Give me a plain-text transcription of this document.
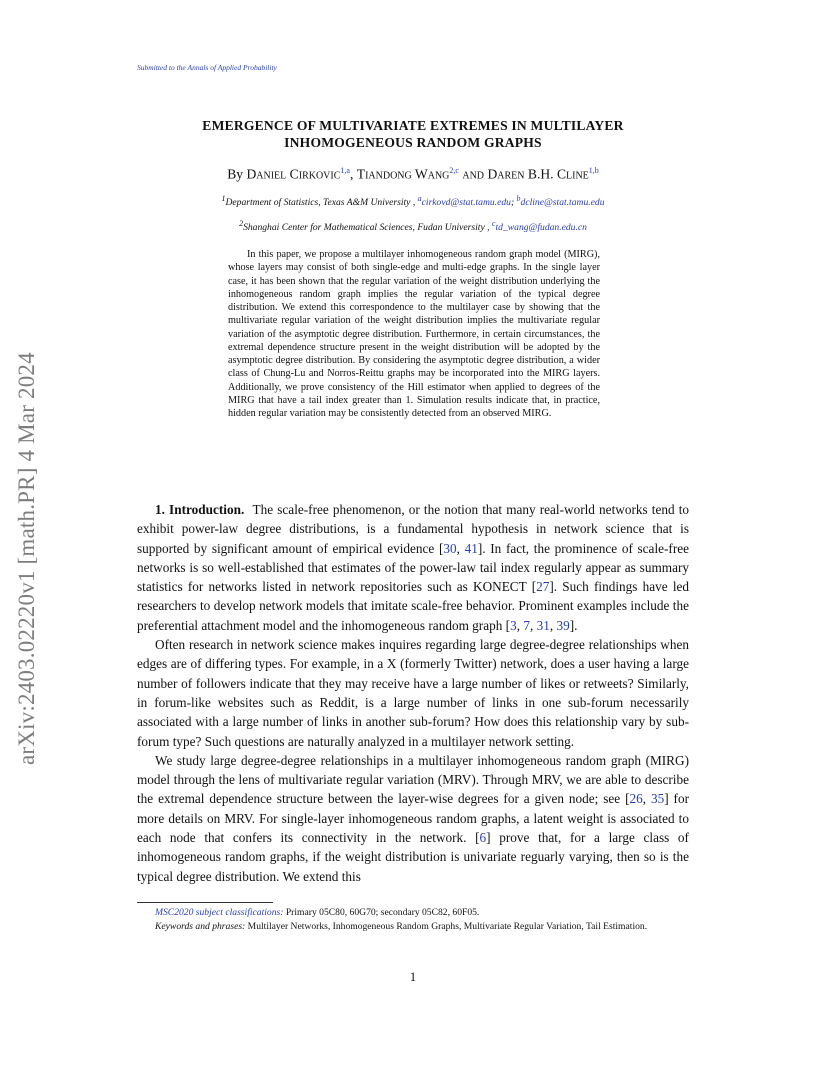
Submitted to the Annals of Applied Probability
arXiv:2403.02220v1 [math.PR] 4 Mar 2024
EMERGENCE OF MULTIVARIATE EXTREMES IN MULTILAYER
INHOMOGENEOUS RANDOM GRAPHS
By Daniel Cirkovic$^{1,a}$, Tiandong Wang$^{2,c}$ and Daren B.H. Cline$^{1,b}$
$^1$Department of Statistics, Texas A&M University , $^a$cirkovd@stat.tamu.edu; $^b$dcline@stat.tamu.edu
$^2$Shanghai Center for Mathematical Sciences, Fudan University , $^c$td_wang@fudan.edu.cn

In this paper, we propose a multilayer inhomogeneous random graph model (MIRG), whose layers may consist of both single-edge and multi-edge graphs. In the single layer case, it has been shown that the regular variation of the weight distribution underlying the inhomogeneous random graph implies the regular variation of the typical degree distribution. We extend this correspondence to the multilayer case by showing that the multivariate regular variation of the weight distribution implies the multivariate regular variation of the asymptotic degree distribution. Furthermore, in certain circumstances, the extremal dependence structure present in the weight distribution will be adopted by the asymptotic degree distribution. By considering the asymptotic degree distribution, a wider class of Chung-Lu and Norros-Reittu graphs may be incorporated into the MIRG layers. Additionally, we prove consistency of the Hill estimator when applied to degrees of the MIRG that have a tail index greater than 1. Simulation results indicate that, in practice, hidden regular variation may be consistently detected from an observed MIRG.

1. Introduction. The scale-free phenomenon, or the notion that many real-world networks tend to exhibit power-law degree distributions, is a fundamental hypothesis in network science that is supported by significant amount of empirical evidence [30, 41]. In fact, the prominence of scale-free networks is so well-established that estimates of the power-law tail index regularly appear as summary statistics for networks listed in network repositories such as KONECT [27]. Such findings have led researchers to develop network models that imitate scale-free behavior. Prominent examples include the preferential attachment model and the inhomogeneous random graph [3, 7, 31, 39].

Often research in network science makes inquires regarding large degree-degree relationships when edges are of differing types. For example, in a X (formerly Twitter) network, does a user having a large number of followers indicate that they may receive have a large number of likes or retweets? Similarly, in forum-like websites such as Reddit, is a large number of links in one sub-forum necessarily associated with a large number of links in another sub-forum? How does this relationship vary by sub-forum type? Such questions are naturally analyzed in a multilayer network setting.

We study large degree-degree relationships in a multilayer inhomogeneous random graph (MIRG) model through the lens of multivariate regular variation (MRV). Through MRV, we are able to describe the extremal dependence structure between the layer-wise degrees for a given node; see [26, 35] for more details on MRV. For single-layer inhomogeneous random graphs, a latent weight is associated to each node that confers its connectivity in the network. [6] prove that, for a large class of inhomogeneous random graphs, if the weight distribution is univariate reguarly varying, then so is the typical degree distribution. We extend this

MSC2020 subject classifications: Primary 05C80, 60G70; secondary 05C82, 60F05.
Keywords and phrases: Multilayer Networks, Inhomogeneous Random Graphs, Multivariate Regular Variation, Tail Estimation.
1
